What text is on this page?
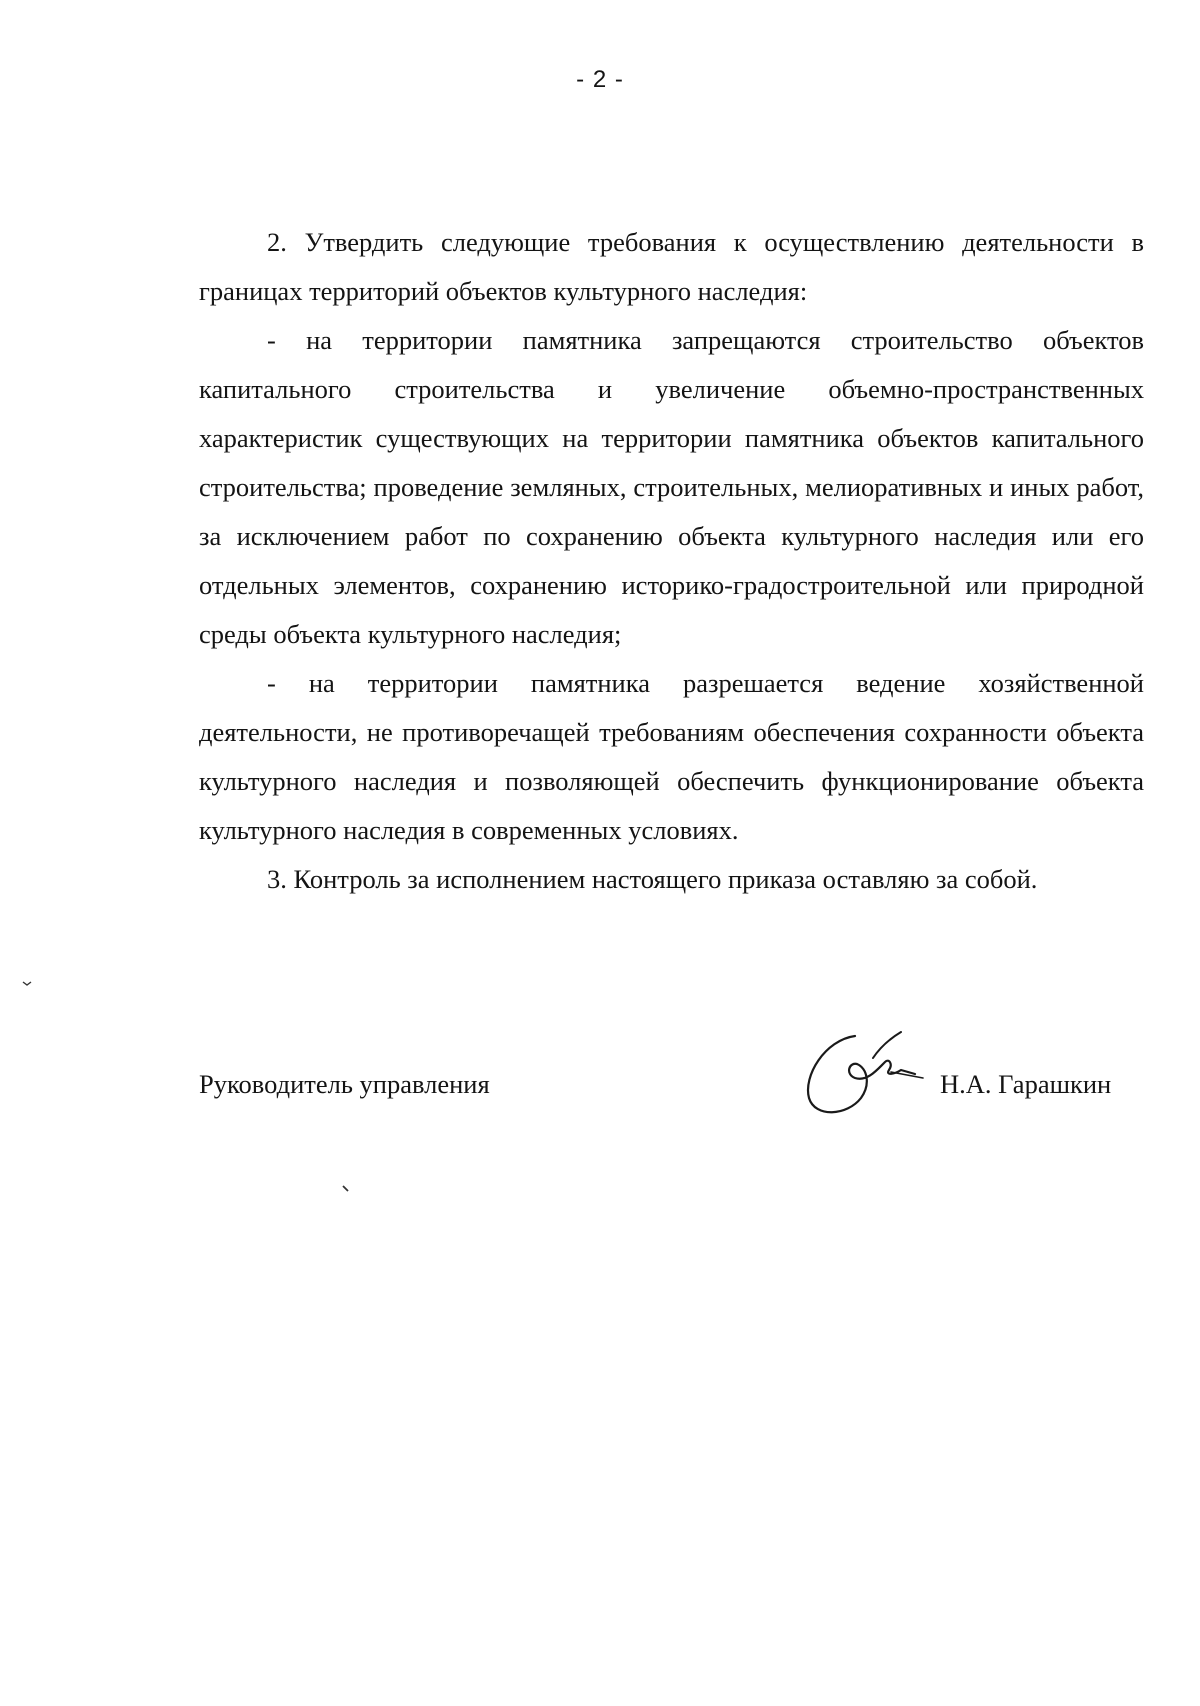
- 2 -

2. Утвердить следующие требования к осуществлению деятельности в границах территорий объектов культурного наследия:

- на территории памятника запрещаются строительство объектов капитального строительства и увеличение объемно-пространственных характеристик существующих на территории памятника объектов капитального строительства; проведение земляных, строительных, мелиоративных и иных работ, за исключением работ по сохранению объекта культурного наследия или его отдельных элементов, сохранению историко-градостроительной или природной среды объекта культурного наследия;

- на территории памятника разрешается ведение хозяйственной деятельности, не противоречащей требованиям обеспечения сохранности объекта культурного наследия и позволяющей обеспечить функционирование объекта культурного наследия в современных условиях.

3. Контроль за исполнением настоящего приказа оставляю за собой.

Руководитель управления	Н.А. Гарашкин
